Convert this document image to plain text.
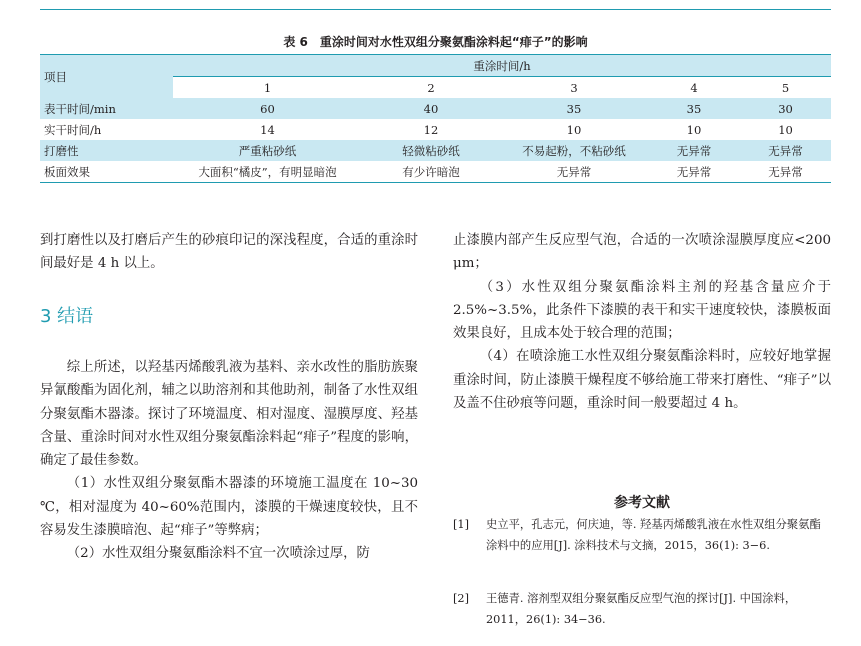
表 6　重涂时间对水性双组分聚氨酯涂料起“痱子”的影响
项目	重涂时间/h				
	1	2	3	4	5
表干时间/min	60	40	35	35	30
实干时间/h	14	12	10	10	10
打磨性	严重粘砂纸	轻微粘砂纸	不易起粉，不粘砂纸	无异常	无异常
板面效果	大面积“橘皮”，有明显暗泡	有少许暗泡	无异常	无异常	无异常

到打磨性以及打磨后产生的砂痕印记的深浅程度，合适的重涂时间最好是 4 h 以上。

3 结语

综上所述，以羟基丙烯酸乳液为基料、亲水改性的脂肪族聚异氰酸酯为固化剂，辅之以助溶剂和其他助剂，制备了水性双组分聚氨酯木器漆。探讨了环境温度、相对湿度、湿膜厚度、羟基含量、重涂时间对水性双组分聚氨酯涂料起“痱子”程度的影响，确定了最佳参数。

（1）水性双组分聚氨酯木器漆的环境施工温度在 10~30 ℃，相对湿度为 40~60%范围内，漆膜的干燥速度较快，且不容易发生漆膜暗泡、起“痱子”等弊病；

（2）水性双组分聚氨酯涂料不宜一次喷涂过厚，防

止漆膜内部产生反应型气泡，合适的一次喷涂湿膜厚度应<200 μm；

（3）水性双组分聚氨酯涂料主剂的羟基含量应介于 2.5%~3.5%，此条件下漆膜的表干和实干速度较快，漆膜板面效果良好，且成本处于较合理的范围；

（4）在喷涂施工水性双组分聚氨酯涂料时，应较好地掌握重涂时间，防止漆膜干燥程度不够给施工带来打磨性、“痱子”以及盖不住砂痕等问题，重涂时间一般要超过 4 h。

参考文献
[1] 史立平，孔志元，何庆迪，等. 羟基丙烯酸乳液在水性双组分聚氨酯涂料中的应用[J]. 涂料技术与文摘，2015，36(1): 3−6.
[2] 王德青. 溶剂型双组分聚氨酯反应型气泡的探讨[J]. 中国涂料，2011，26(1): 34−36.
